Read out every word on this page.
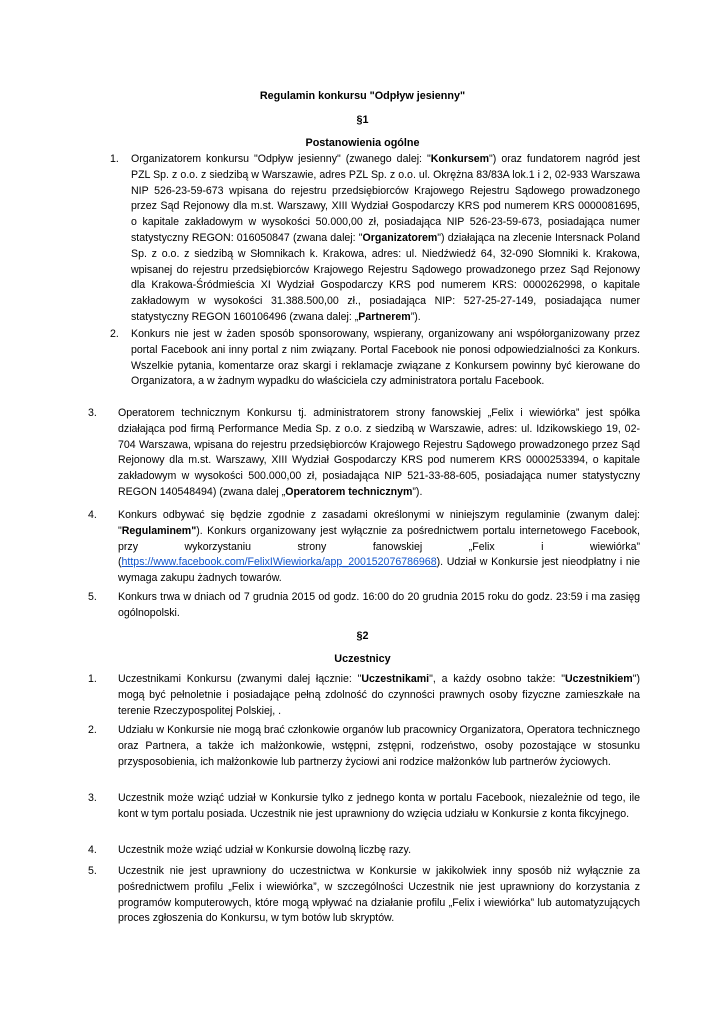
Regulamin konkursu "Odpływ jesienny"
§1
Postanowienia ogólne
1. Organizatorem konkursu "Odpływ jesienny" (zwanego dalej: "Konkursem") oraz fundatorem nagród jest PZL Sp. z o.o. z siedzibą w Warszawie, adres PZL Sp. z o.o. ul. Okrężna 83/83A lok.1 i 2, 02-933 Warszawa NIP 526-23-59-673 wpisana do rejestru przedsiębiorców Krajowego Rejestru Sądowego prowadzonego przez Sąd Rejonowy dla m.st. Warszawy, XIII Wydział Gospodarczy KRS pod numerem KRS 0000081695, o kapitale zakładowym w wysokości 50.000,00 zł, posiadająca NIP 526-23-59-673, posiadająca numer statystyczny REGON: 016050847 (zwana dalej: "Organizatorem") działająca na zlecenie Intersnack Poland Sp. z o.o. z siedzibą w Słomnikach k. Krakowa, adres: ul. Niedźwiedź 64, 32-090 Słomniki k. Krakowa, wpisanej do rejestru przedsiębiorców Krajowego Rejestru Sądowego prowadzonego przez Sąd Rejonowy dla Krakowa-Śródmieścia XI Wydział Gospodarczy KRS pod numerem KRS: 0000262998, o kapitale zakładowym w wysokości 31.388.500,00 zł., posiadająca NIP: 527-25-27-149, posiadająca numer statystyczny REGON 160106496 (zwana dalej: „Partnerem”).
2. Konkurs nie jest w żaden sposób sponsorowany, wspierany, organizowany ani współorganizowany przez portal Facebook ani inny portal z nim związany. Portal Facebook nie ponosi odpowiedzialności za Konkurs. Wszelkie pytania, komentarze oraz skargi i reklamacje związane z Konkursem powinny być kierowane do Organizatora, a w żadnym wypadku do właściciela czy administratora portalu Facebook.
3. Operatorem technicznym Konkursu tj. administratorem strony fanowskiej „Felix i wiewiórka” jest spółka działająca pod firmą Performance Media Sp. z o.o. z siedzibą w Warszawie, adres: ul. Idzikowskiego 19, 02-704 Warszawa, wpisana do rejestru przedsiębiorców Krajowego Rejestru Sądowego prowadzonego przez Sąd Rejonowy dla m.st. Warszawy, XIII Wydział Gospodarczy KRS pod numerem KRS 0000253394, o kapitale zakładowym w wysokości 500.000,00 zł, posiadająca NIP 521-33-88-605, posiadająca numer statystyczny REGON 140548494) (zwana dalej „Operatorem technicznym”).
4. Konkurs odbywać się będzie zgodnie z zasadami określonymi w niniejszym regulaminie (zwanym dalej: "Regulaminem"). Konkurs organizowany jest wyłącznie za pośrednictwem portalu internetowego Facebook, przy wykorzystaniu strony fanowskiej „Felix i wiewiórka” (https://www.facebook.com/FelixIWiewiorka/app_200152076786968). Udział w Konkursie jest nieodpłatny i nie wymaga zakupu żadnych towarów.
5. Konkurs trwa w dniach od 7 grudnia 2015 od godz. 16:00 do 20 grudnia 2015 roku do godz. 23:59 i ma zasięg ogólnopolski.
§2
Uczestnicy
1. Uczestnikami Konkursu (zwanymi dalej łącznie: "Uczestnikami", a każdy osobno także: "Uczestnikiem") mogą być pełnoletnie i posiadające pełną zdolność do czynności prawnych osoby fizyczne zamieszkałe na terenie Rzeczypospolitej Polskiej, .
2. Udziału w Konkursie nie mogą brać członkowie organów lub pracownicy Organizatora, Operatora technicznego oraz Partnera, a także ich małżonkowie, wstępni, zstępni, rodzeństwo, osoby pozostające w stosunku przysposobienia, ich małżonkowie lub partnerzy życiowi ani rodzice małżonków lub partnerów życiowych.
3. Uczestnik może wziąć udział w Konkursie tylko z jednego konta w portalu Facebook, niezależnie od tego, ile kont w tym portalu posiada. Uczestnik nie jest uprawniony do wzięcia udziału w Konkursie z konta fikcyjnego.
4. Uczestnik może wziąć udział w Konkursie dowolną liczbę razy.
5. Uczestnik nie jest uprawniony do uczestnictwa w Konkursie w jakikolwiek inny sposób niż wyłącznie za pośrednictwem profilu „Felix i wiewiórka”, w szczególności Uczestnik nie jest uprawniony do korzystania z programów komputerowych, które mogą wpływać na działanie profilu „Felix i wiewiórka” lub automatyzujących proces zgłoszenia do Konkursu, w tym botów lub skryptów.
